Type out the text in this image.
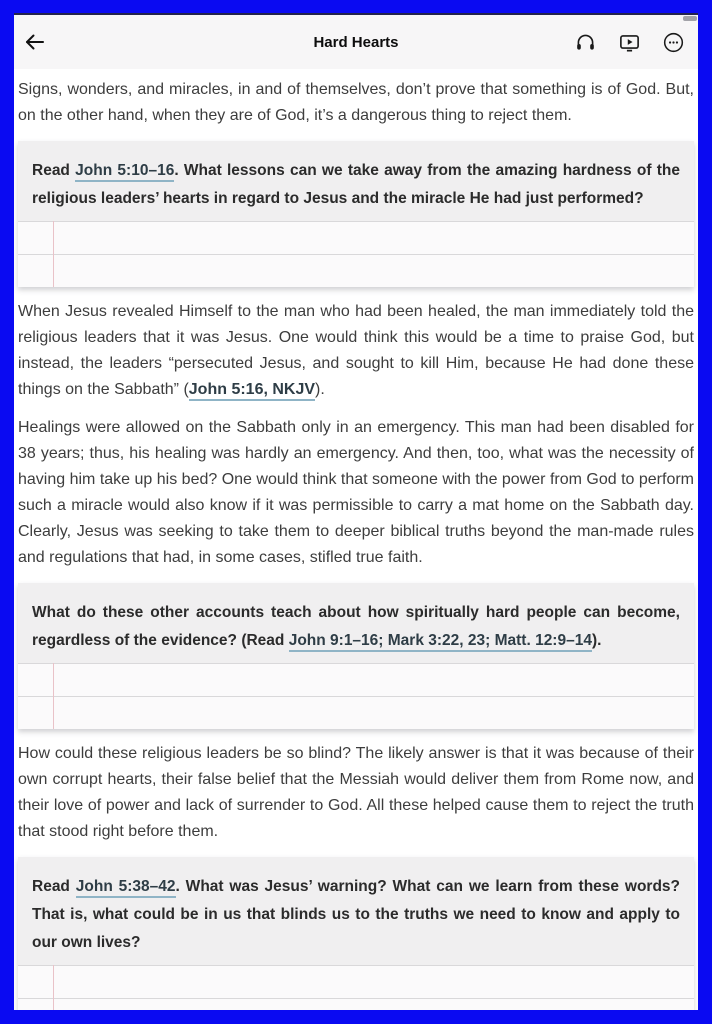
Hard Hearts

Signs, wonders, and miracles, in and of themselves, don’t prove that something is of God. But, on the other hand, when they are of God, it’s a dangerous thing to reject them.

Read John 5:10–16. What lessons can we take away from the amazing hardness of the religious leaders’ hearts in regard to Jesus and the miracle He had just performed?

When Jesus revealed Himself to the man who had been healed, the man immediately told the religious leaders that it was Jesus. One would think this would be a time to praise God, but instead, the leaders “persecuted Jesus, and sought to kill Him, because He had done these things on the Sabbath” (John 5:16, NKJV).

Healings were allowed on the Sabbath only in an emergency. This man had been disabled for 38 years; thus, his healing was hardly an emergency. And then, too, what was the necessity of having him take up his bed? One would think that someone with the power from God to perform such a miracle would also know if it was permissible to carry a mat home on the Sabbath day. Clearly, Jesus was seeking to take them to deeper biblical truths beyond the man-made rules and regulations that had, in some cases, stifled true faith.

What do these other accounts teach about how spiritually hard people can become, regardless of the evidence? (Read John 9:1–16; Mark 3:22, 23; Matt. 12:9–14).

How could these religious leaders be so blind? The likely answer is that it was because of their own corrupt hearts, their false belief that the Messiah would deliver them from Rome now, and their love of power and lack of surrender to God. All these helped cause them to reject the truth that stood right before them.

Read John 5:38–42. What was Jesus’ warning? What can we learn from these words? That is, what could be in us that blinds us to the truths we need to know and apply to our own lives?
